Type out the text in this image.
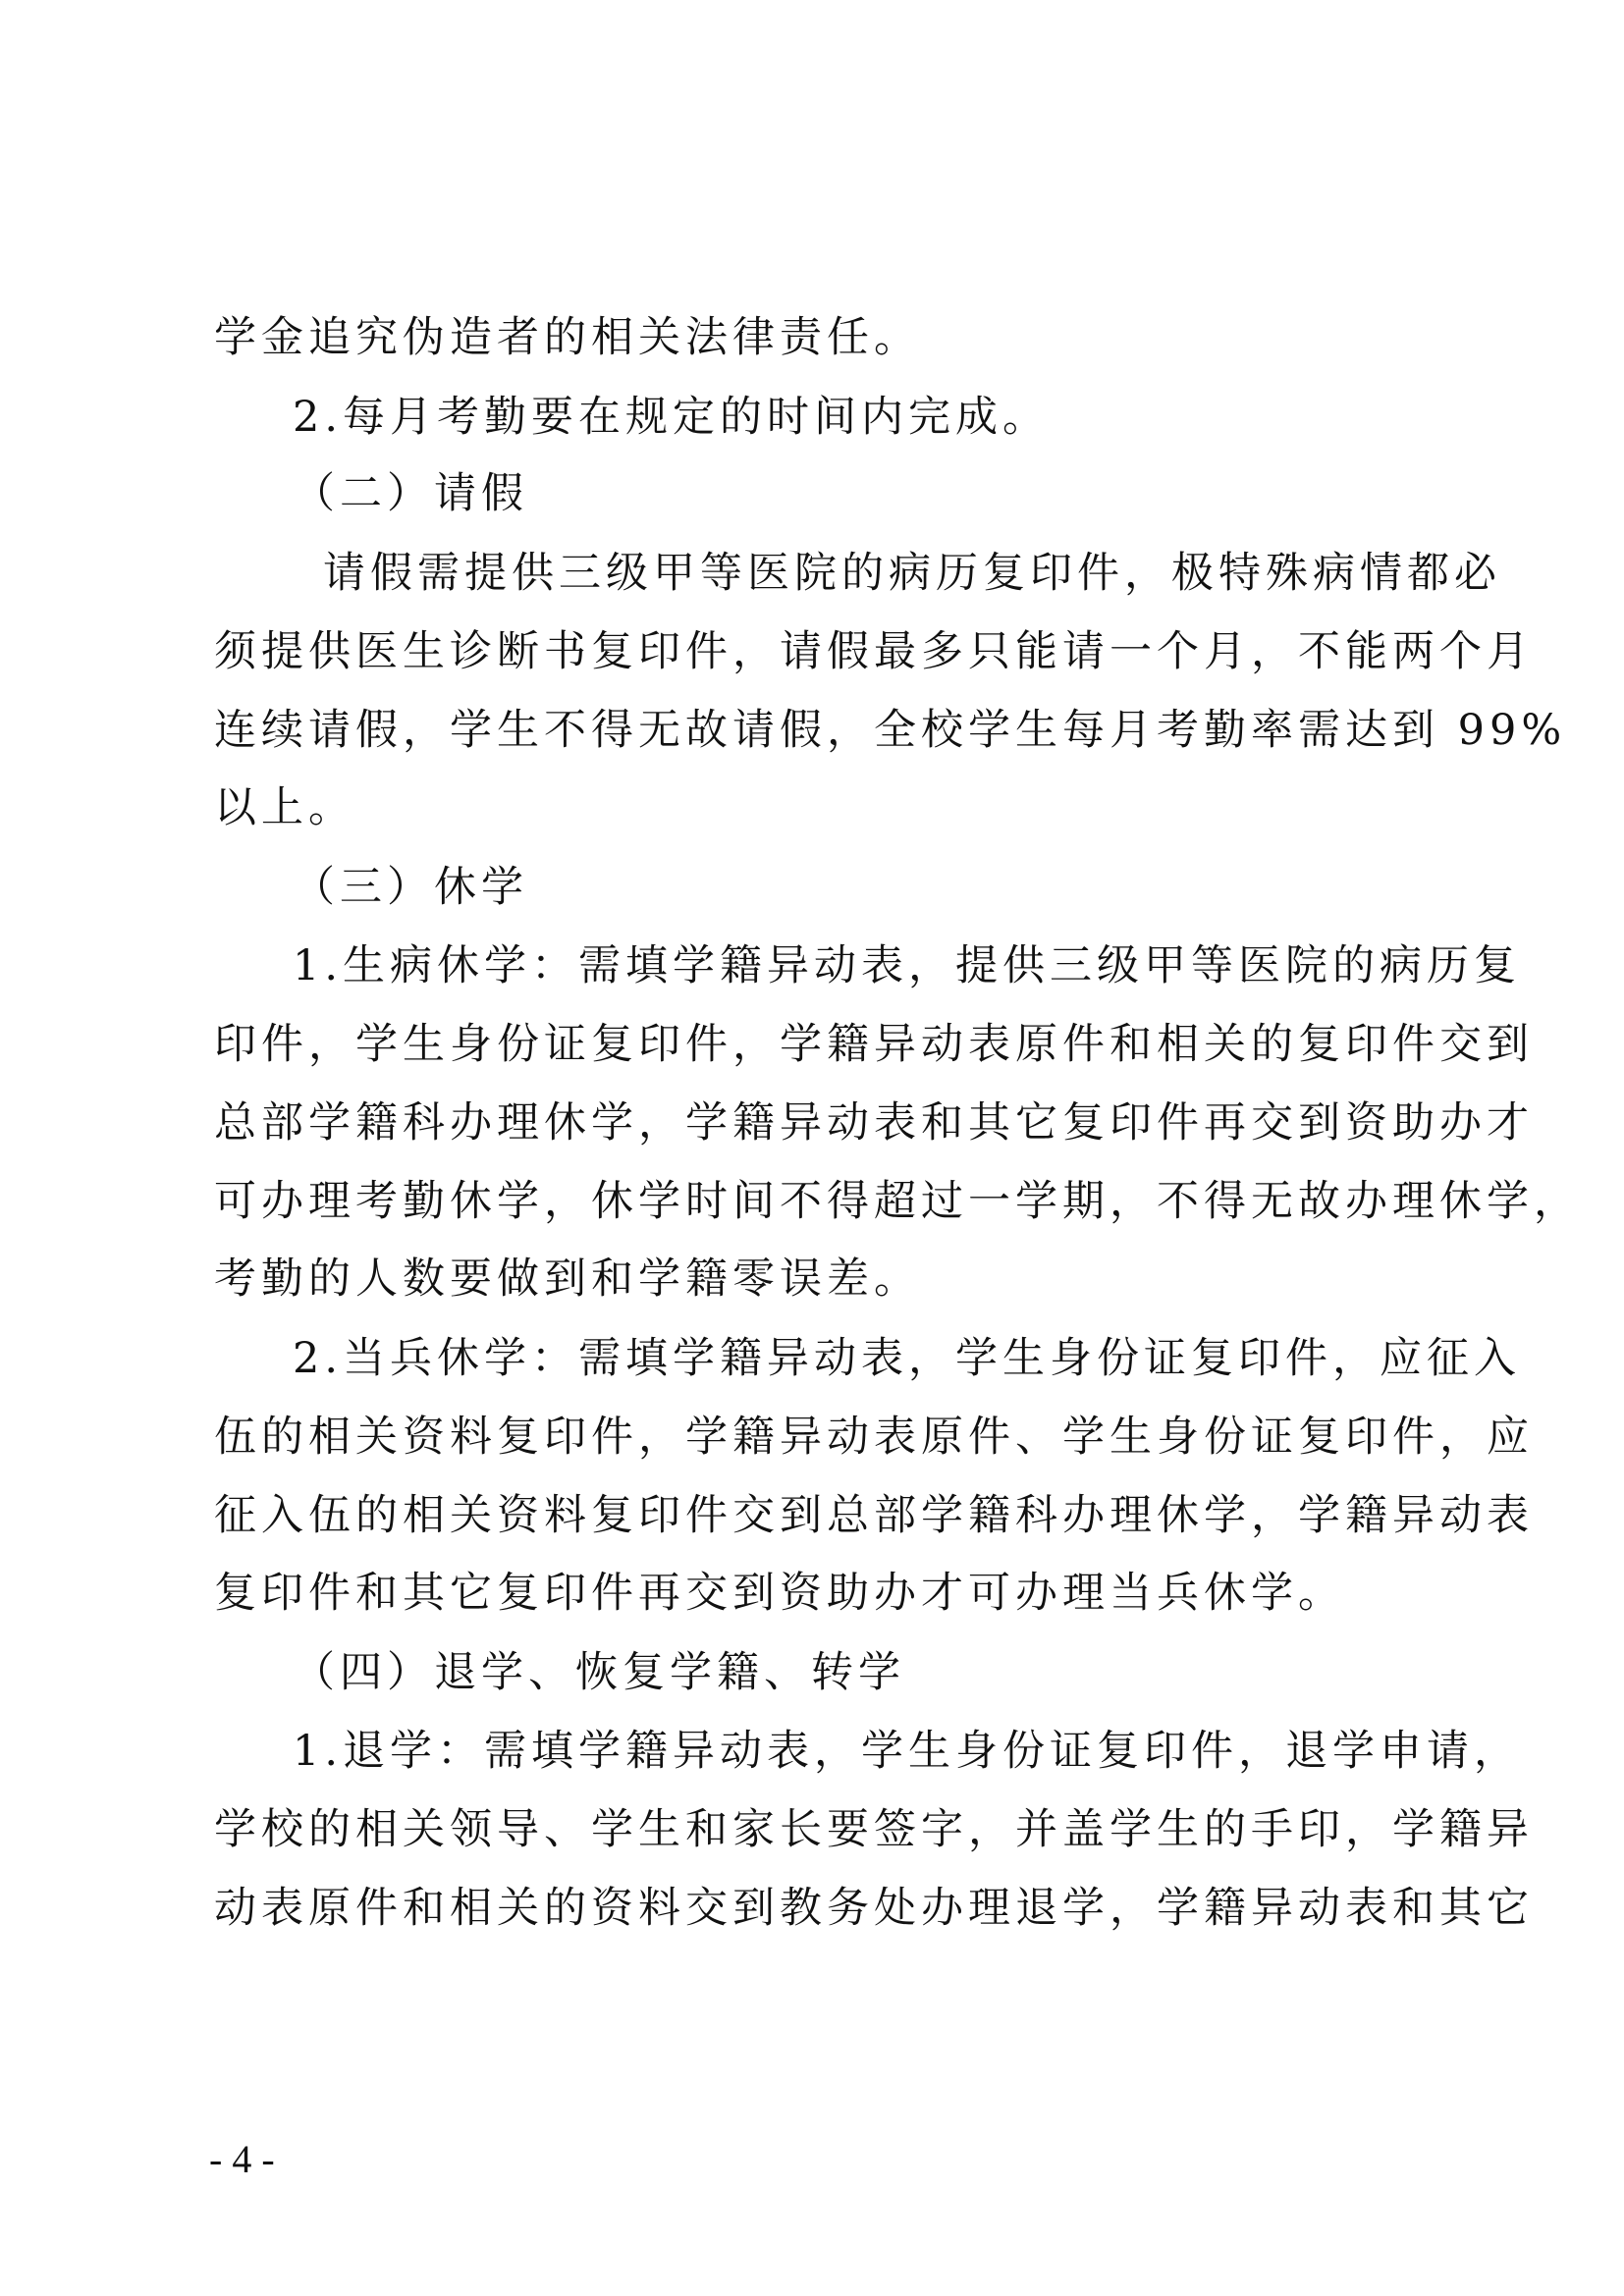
学金追究伪造者的相关法律责任。
2.每月考勤要在规定的时间内完成。
（二）请假
请假需提供三级甲等医院的病历复印件，极特殊病情都必
须提供医生诊断书复印件，请假最多只能请一个月，不能两个月
连续请假，学生不得无故请假，全校学生每月考勤率需达到 99%
以上。
（三）休学
1.生病休学：需填学籍异动表，提供三级甲等医院的病历复
印件，学生身份证复印件，学籍异动表原件和相关的复印件交到
总部学籍科办理休学，学籍异动表和其它复印件再交到资助办才
可办理考勤休学，休学时间不得超过一学期，不得无故办理休学，
考勤的人数要做到和学籍零误差。
2.当兵休学：需填学籍异动表，学生身份证复印件，应征入
伍的相关资料复印件，学籍异动表原件、学生身份证复印件，应
征入伍的相关资料复印件交到总部学籍科办理休学，学籍异动表
复印件和其它复印件再交到资助办才可办理当兵休学。
（四）退学、恢复学籍、转学
1.退学：需填学籍异动表，学生身份证复印件，退学申请，
学校的相关领导、学生和家长要签字，并盖学生的手印，学籍异
动表原件和相关的资料交到教务处办理退学，学籍异动表和其它
- 4 -
